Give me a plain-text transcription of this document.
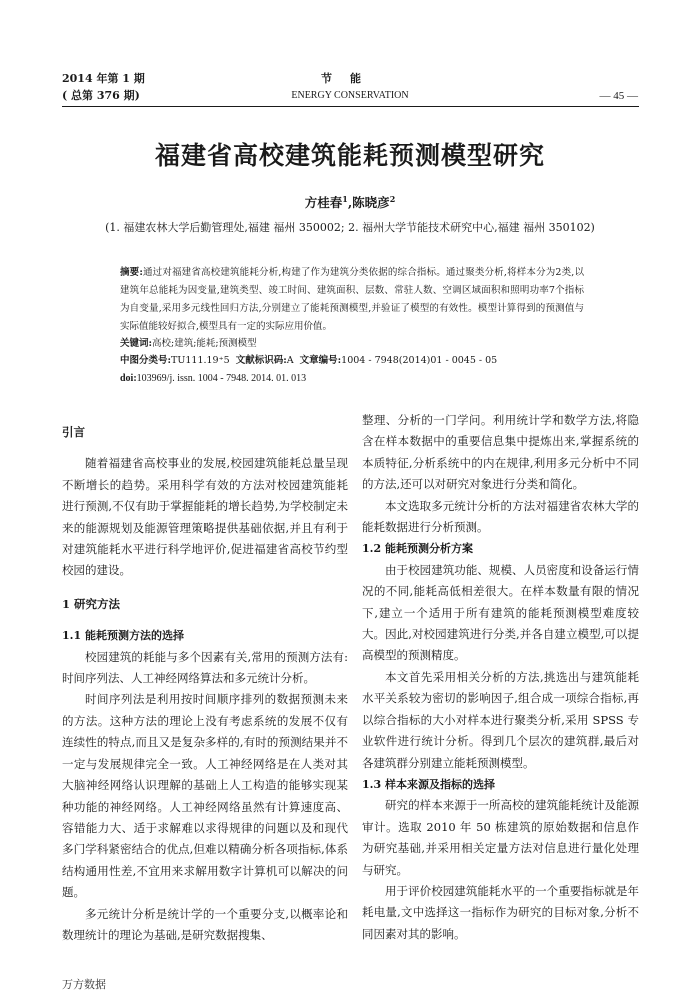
2014 年第 1 期
( 总第 376 期)
节能
ENERGY CONSERVATION	— 45 —
福建省高校建筑能耗预测模型研究
方桂春$^1$,陈晓彦$^2$
(1. 福建农林大学后勤管理处,福建 福州 350002; 2. 福州大学节能技术研究中心,福建 福州 350102)
摘要:通过对福建省高校建筑能耗分析,构建了作为建筑分类依据的综合指标。通过聚类分析,将样本分为2类,以建筑年总能耗为因变量,建筑类型、竣工时间、建筑面积、层数、常驻人数、空调区域面积和照明功率7个指标为自变量,采用多元线性回归方法,分别建立了能耗预测模型,并验证了模型的有效性。模型计算得到的预测值与实际值能较好拟合,模型具有一定的实际应用价值。
关键词:高校;建筑;能耗;预测模型
中图分类号:TU111.19⁺5 文献标识码:A 文章编号:1004 - 7948(2014)01 - 0045 - 05
doi:103969/j. issn. 1004 - 7948. 2014. 01. 013
引言

随着福建省高校事业的发展,校园建筑能耗总量呈现不断增长的趋势。采用科学有效的方法对校园建筑能耗进行预测,不仅有助于掌握能耗的增长趋势,为学校制定未来的能源规划及能源管理策略提供基础依据,并且有利于对建筑能耗水平进行科学地评价,促进福建省高校节约型校园的建设。

1 研究方法
1.1 能耗预测方法的选择

校园建筑的耗能与多个因素有关,常用的预测方法有:时间序列法、人工神经网络算法和多元统计分析。

时间序列法是利用按时间顺序排列的数据预测未来的方法。这种方法的理论上没有考虑系统的发展不仅有连续性的特点,而且又是复杂多样的,有时的预测结果并不一定与发展规律完全一致。人工神经网络是在人类对其大脑神经网络认识理解的基础上人工构造的能够实现某种功能的神经网络。人工神经网络虽然有计算速度高、容错能力大、适于求解难以求得规律的问题以及和现代多门学科紧密结合的优点,但难以精确分析各项指标,体系结构通用性差,不宜用来求解用数字计算机可以解决的问题。

多元统计分析是统计学的一个重要分支,以概率论和数理统计的理论为基础,是研究数据搜集、

整理、分析的一门学问。利用统计学和数学方法,将隐含在样本数据中的重要信息集中提炼出来,掌握系统的本质特征,分析系统中的内在规律,利用多元分析中不同的方法,还可以对研究对象进行分类和简化。

本文选取多元统计分析的方法对福建省农林大学的能耗数据进行分析预测。

1.2 能耗预测分析方案

由于校园建筑功能、规模、人员密度和设备运行情况的不同,能耗高低相差很大。在样本数量有限的情况下,建立一个适用于所有建筑的能耗预测模型难度较大。因此,对校园建筑进行分类,并各自建立模型,可以提高模型的预测精度。

本文首先采用相关分析的方法,挑选出与建筑能耗水平关系较为密切的影响因子,组合成一项综合指标,再以综合指标的大小对样本进行聚类分析,采用 SPSS 专业软件进行统计分析。得到几个层次的建筑群,最后对各建筑群分别建立能耗预测模型。

1.3 样本来源及指标的选择

研究的样本来源于一所高校的建筑能耗统计及能源审计。选取 2010 年 50 栋建筑的原始数据和信息作为研究基础,并采用相关定量方法对信息进行量化处理与研究。

用于评价校园建筑能耗水平的一个重要指标就是年耗电量,文中选择这一指标作为研究的目标对象,分析不同因素对其的影响。

万方数据
